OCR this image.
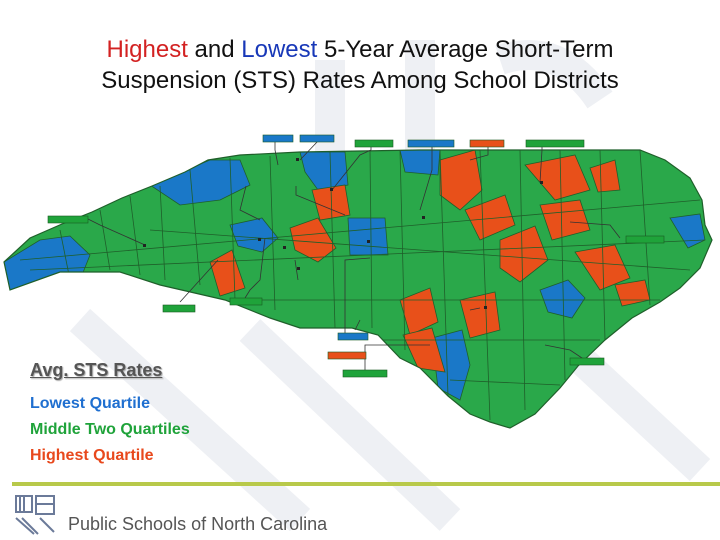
Highest and Lowest 5-Year Average Short-Term
Suspension (STS) Rates Among School Districts
Avg. STS Rates
Lowest Quartile
Middle Two Quartiles
Highest Quartile
Public Schools of North Carolina
